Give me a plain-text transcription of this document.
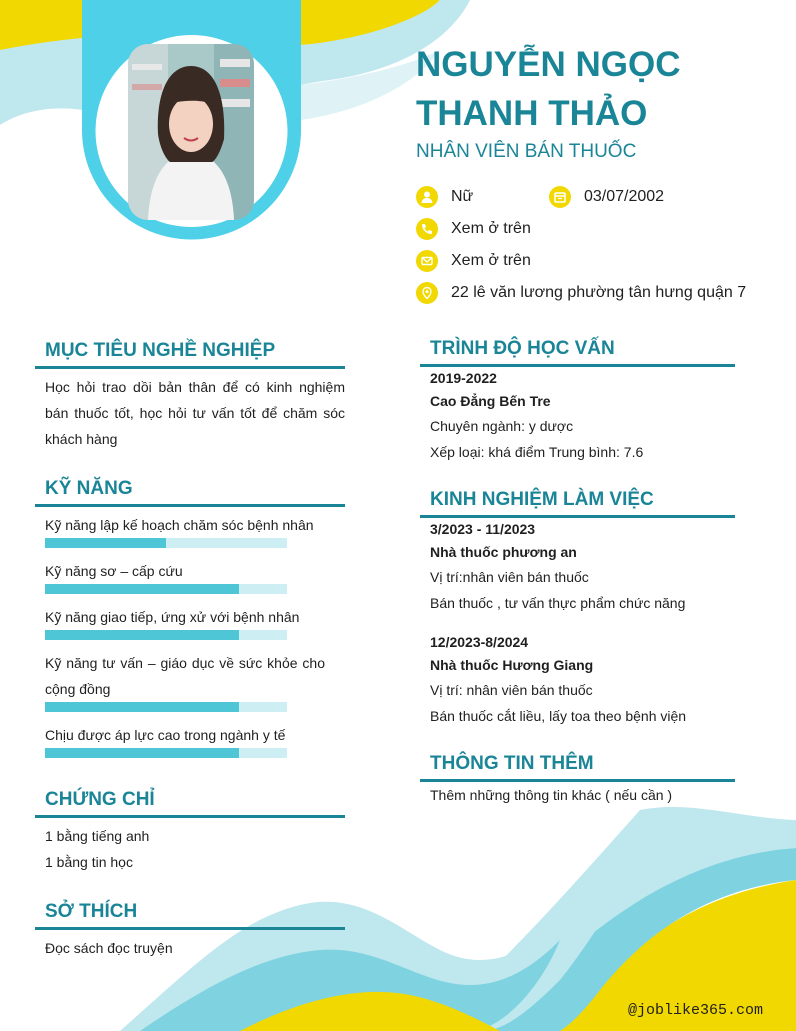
NGUYỄN NGỌC
THANH THẢO
NHÂN VIÊN BÁN THUỐC
Nữ	03/07/2002
Xem ở trên
Xem ở trên
22 lê văn lương phường tân hưng quận 7
MỤC TIÊU NGHỀ NGHIỆP
Học hỏi trao dồi bản thân để có kinh nghiệm bán thuốc tốt, học hỏi tư vấn tốt để chăm sóc khách hàng
KỸ NĂNG
Kỹ năng lập kế hoạch chăm sóc bệnh nhân
Kỹ năng sơ – cấp cứu
Kỹ năng giao tiếp, ứng xử với bệnh nhân
Kỹ năng tư vấn – giáo dục về sức khỏe cho cộng đồng
Chịu được áp lực cao trong ngành y tế
CHỨNG CHỈ
1 bằng tiếng anh
1 bằng tin học
SỞ THÍCH
Đọc sách đọc truyện
TRÌNH ĐỘ HỌC VẤN
2019-2022
Cao Đẳng Bến Tre
Chuyên ngành: y dược
Xếp loại: khá điểm Trung bình: 7.6
KINH NGHIỆM LÀM VIỆC
3/2023 - 11/2023
Nhà thuốc phương an
Vị trí:nhân viên bán thuốc
Bán thuốc , tư vấn thực phẩm chức năng
12/2023-8/2024
Nhà thuốc Hương Giang
Vị trí: nhân viên bán thuốc
Bán thuốc cắt liều, lấy toa theo bệnh viện
THÔNG TIN THÊM
Thêm những thông tin khác ( nếu cần )
@joblike365.com
